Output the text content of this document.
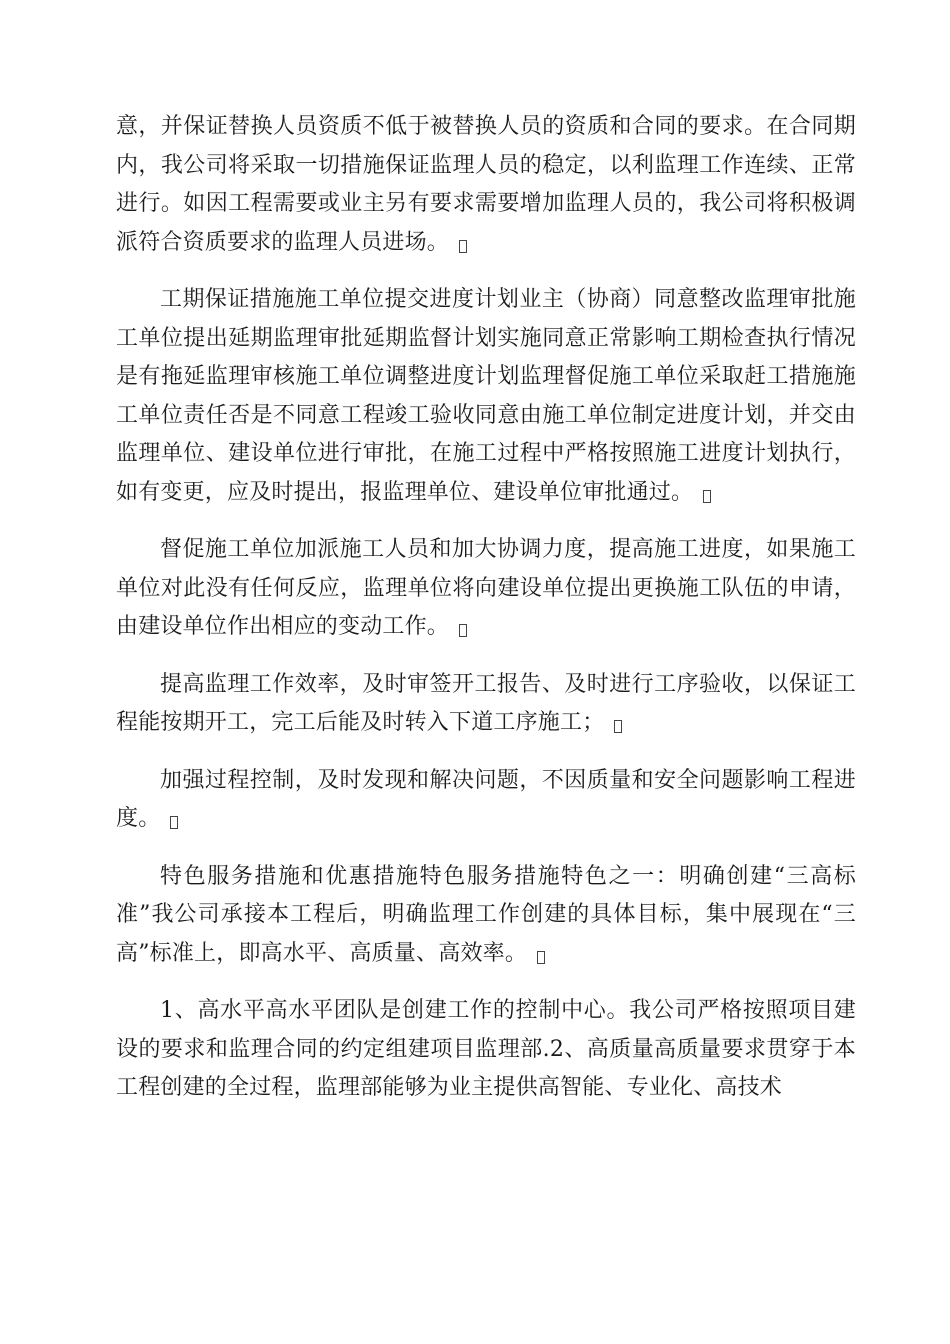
意，并保证替换人员资质不低于被替换人员的资质和合同的要求。在合同期内，我公司将采取一切措施保证监理人员的稳定，以利监理工作连续、正常进行。如因工程需要或业主另有要求需要增加监理人员的，我公司将积极调派符合资质要求的监理人员进场。

工期保证措施施工单位提交进度计划业主（协商）同意整改监理审批施工单位提出延期监理审批延期监督计划实施同意正常影响工期检查执行情况是有拖延监理审核施工单位调整进度计划监理督促施工单位采取赶工措施施工单位责任否是不同意工程竣工验收同意由施工单位制定进度计划，并交由监理单位、建设单位进行审批，在施工过程中严格按照施工进度计划执行，如有变更，应及时提出，报监理单位、建设单位审批通过。

督促施工单位加派施工人员和加大协调力度，提高施工进度，如果施工单位对此没有任何反应，监理单位将向建设单位提出更换施工队伍的申请，由建设单位作出相应的变动工作。

提高监理工作效率，及时审签开工报告、及时进行工序验收，以保证工程能按期开工，完工后能及时转入下道工序施工；

加强过程控制，及时发现和解决问题，不因质量和安全问题影响工程进度。

特色服务措施和优惠措施特色服务措施特色之一：明确创建“三高标准”我公司承接本工程后，明确监理工作创建的具体目标，集中展现在“三高”标准上，即高水平、高质量、高效率。

1、高水平高水平团队是创建工作的控制中心。我公司严格按照项目建设的要求和监理合同的约定组建项目监理部.2、高质量高质量要求贯穿于本工程创建的全过程，监理部能够为业主提供高智能、专业化、高技术
